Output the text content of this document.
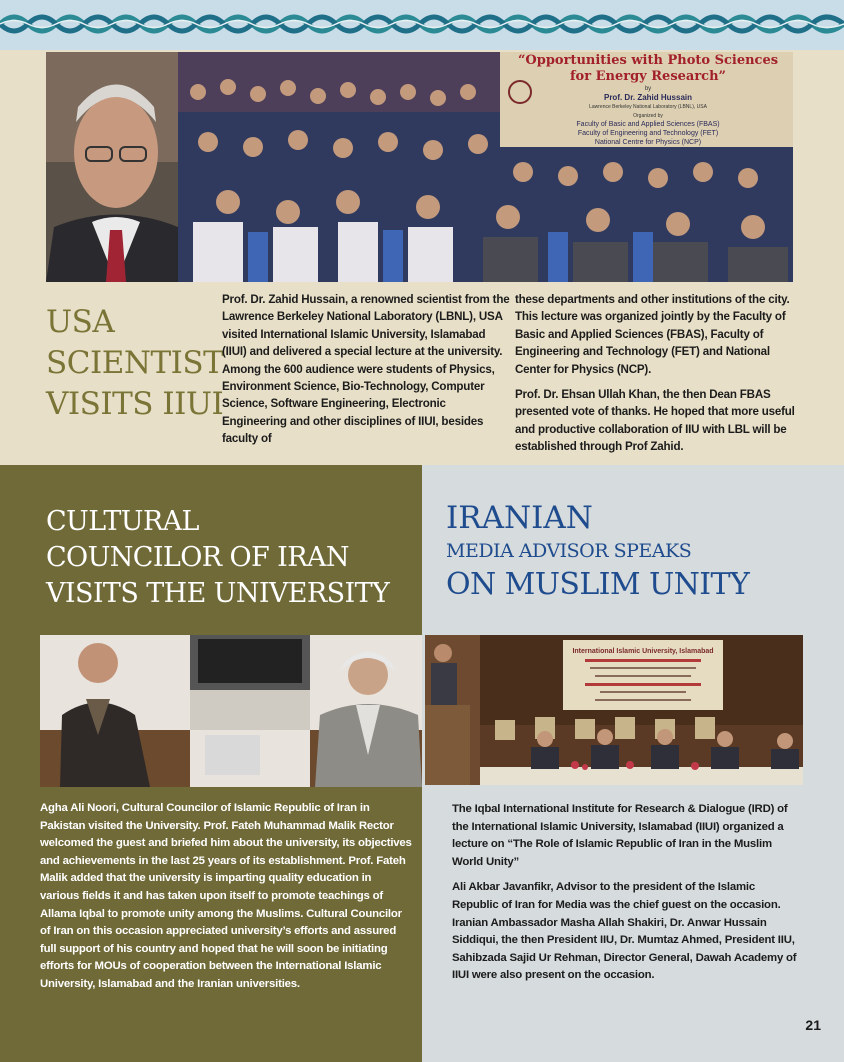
“Opportunities with Photo Sciences
for Energy Research”
by
Prof. Dr. Zahid Hussain
Lawrence Berkeley National Laboratory (LBNL), USA
Organized by
Faculty of Basic and Applied Sciences (FBAS)
Faculty of Engineering and Technology (FET)
National Centre for Physics (NCP)
USA
SCIENTIST
VISITS IIUI

Prof. Dr. Zahid Hussain, a renowned scientist from the Lawrence Berkeley National Laboratory (LBNL), USA visited International Islamic University, Islamabad (IIUI) and delivered a special lecture at the university. Among the 600 audience were students of Physics, Environment Science, Bio-Technology, Computer Science, Software Engineering, Electronic Engineering and other disciplines of IIUI, besides faculty of

these departments and other institutions of the city. This lecture was organized jointly by the Faculty of Basic and Applied Sciences (FBAS), Faculty of Engineering and Technology (FET) and National Center for Physics (NCP).

Prof. Dr. Ehsan Ullah Khan, the then Dean FBAS presented vote of thanks. He hoped that more useful and productive collaboration of IIU with LBL will be established through Prof Zahid.

CULTURAL
COUNCILOR OF IRAN
VISITS THE UNIVERSITY
IRANIAN
MEDIA ADVISOR SPEAKS
ON MUSLIM UNITY
International Islamic University, Islamabad

Agha Ali Noori, Cultural Councilor of Islamic Republic of Iran in Pakistan visited the University. Prof. Fateh Muhammad Malik Rector welcomed the guest and briefed him about the university, its objectives and achievements in the last 25 years of its establishment. Prof. Fateh Malik added that the university is imparting quality education in various fields it and has taken upon itself to promote teachings of Allama Iqbal to promote unity among the Muslims. Cultural Councilor of Iran on this occasion appreciated university’s efforts and assured full support of his country and hoped that he will soon be initiating efforts for MOUs of cooperation between the International Islamic University, Islamabad and the Iranian universities.

The Iqbal International Institute for Research & Dialogue (IRD) of the International Islamic University, Islamabad (IIUI) organized a lecture on “The Role of Islamic Republic of Iran in the Muslim World Unity”

Ali Akbar Javanfikr, Advisor to the president of the Islamic Republic of Iran for Media was the chief guest on the occasion. Iranian Ambassador Masha Allah Shakiri, Dr. Anwar Hussain Siddiqui, the then President IIU, Dr. Mumtaz Ahmed, President IIU, Sahibzada Sajid Ur Rehman, Director General, Dawah Academy of IIUI were also present on the occasion.

21
